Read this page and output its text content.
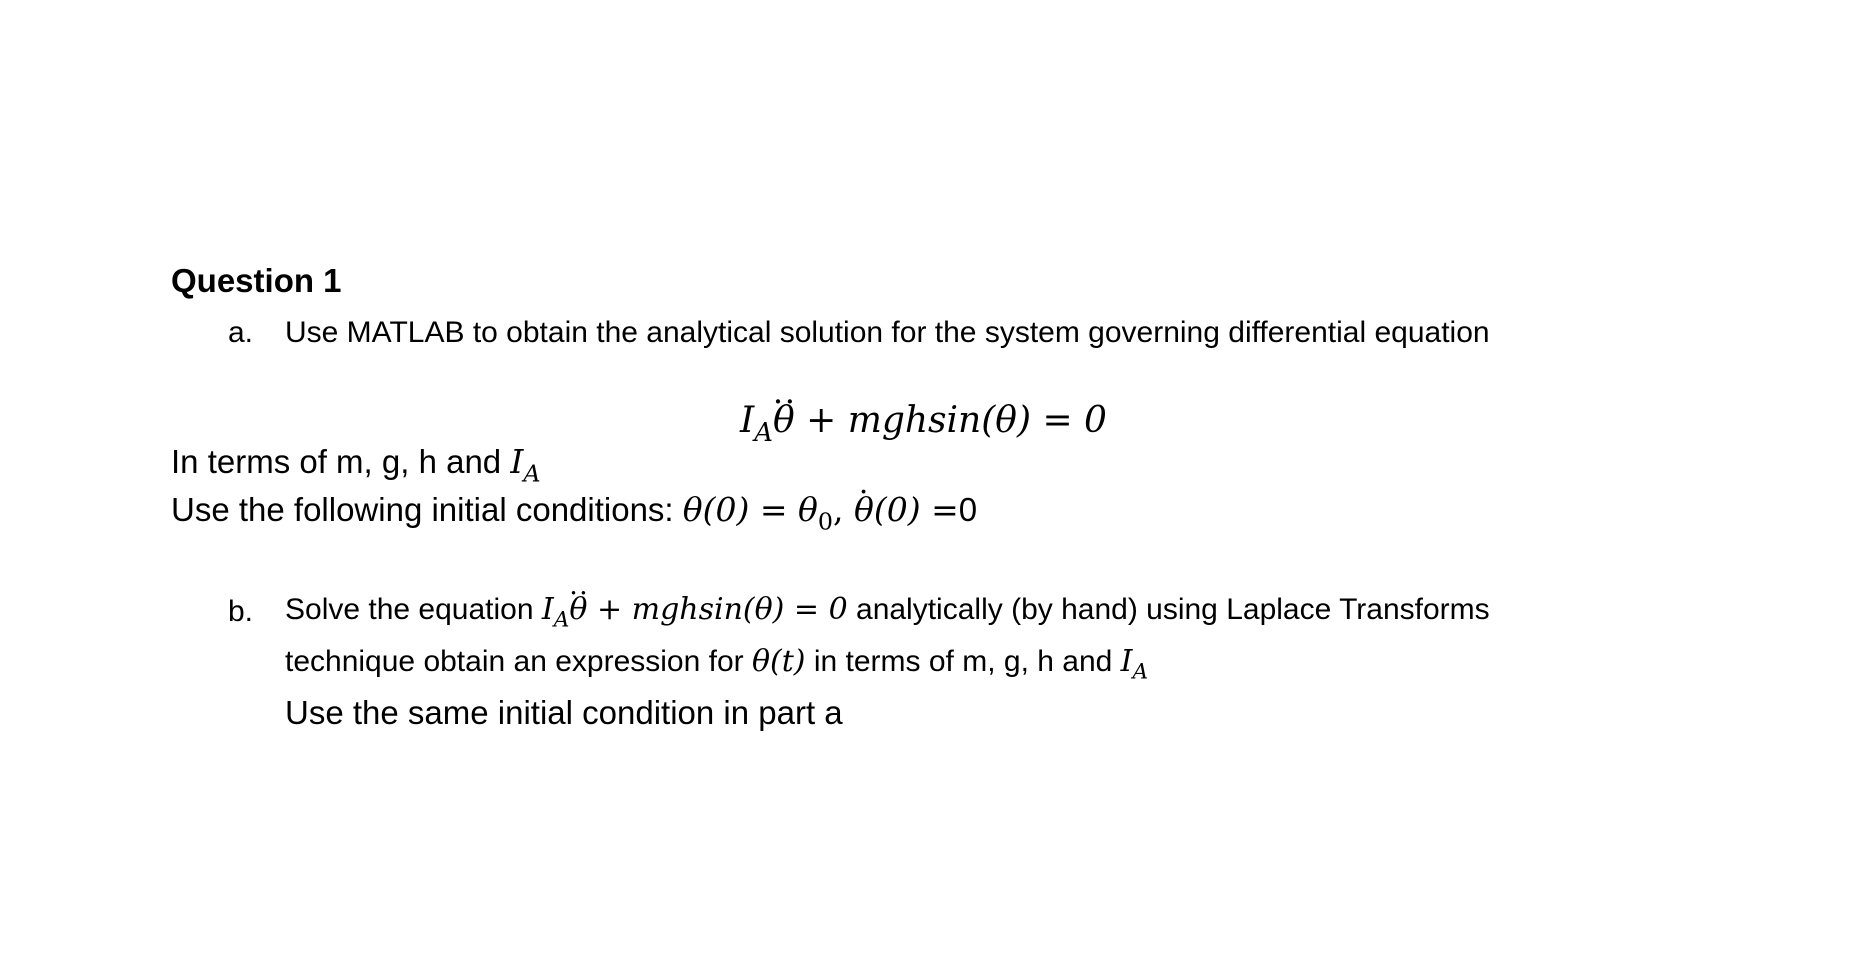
Question 1
a. Use MATLAB to obtain the analytical solution for the system governing differential equation
$I_A\theta$ ·· + mghsin(θ) = 0
In terms of m, g, h and $I_A$
Use the following initial conditions: $\theta(0) = \theta_0$, θ ·(0) =0
b. Solve the equation $I_A\theta$ ·· + mghsin(θ) = 0 analytically (by hand) using Laplace Transforms
technique obtain an expression for θ(t) in terms of m, g, h and $I_A$
Use the same initial condition in part a
